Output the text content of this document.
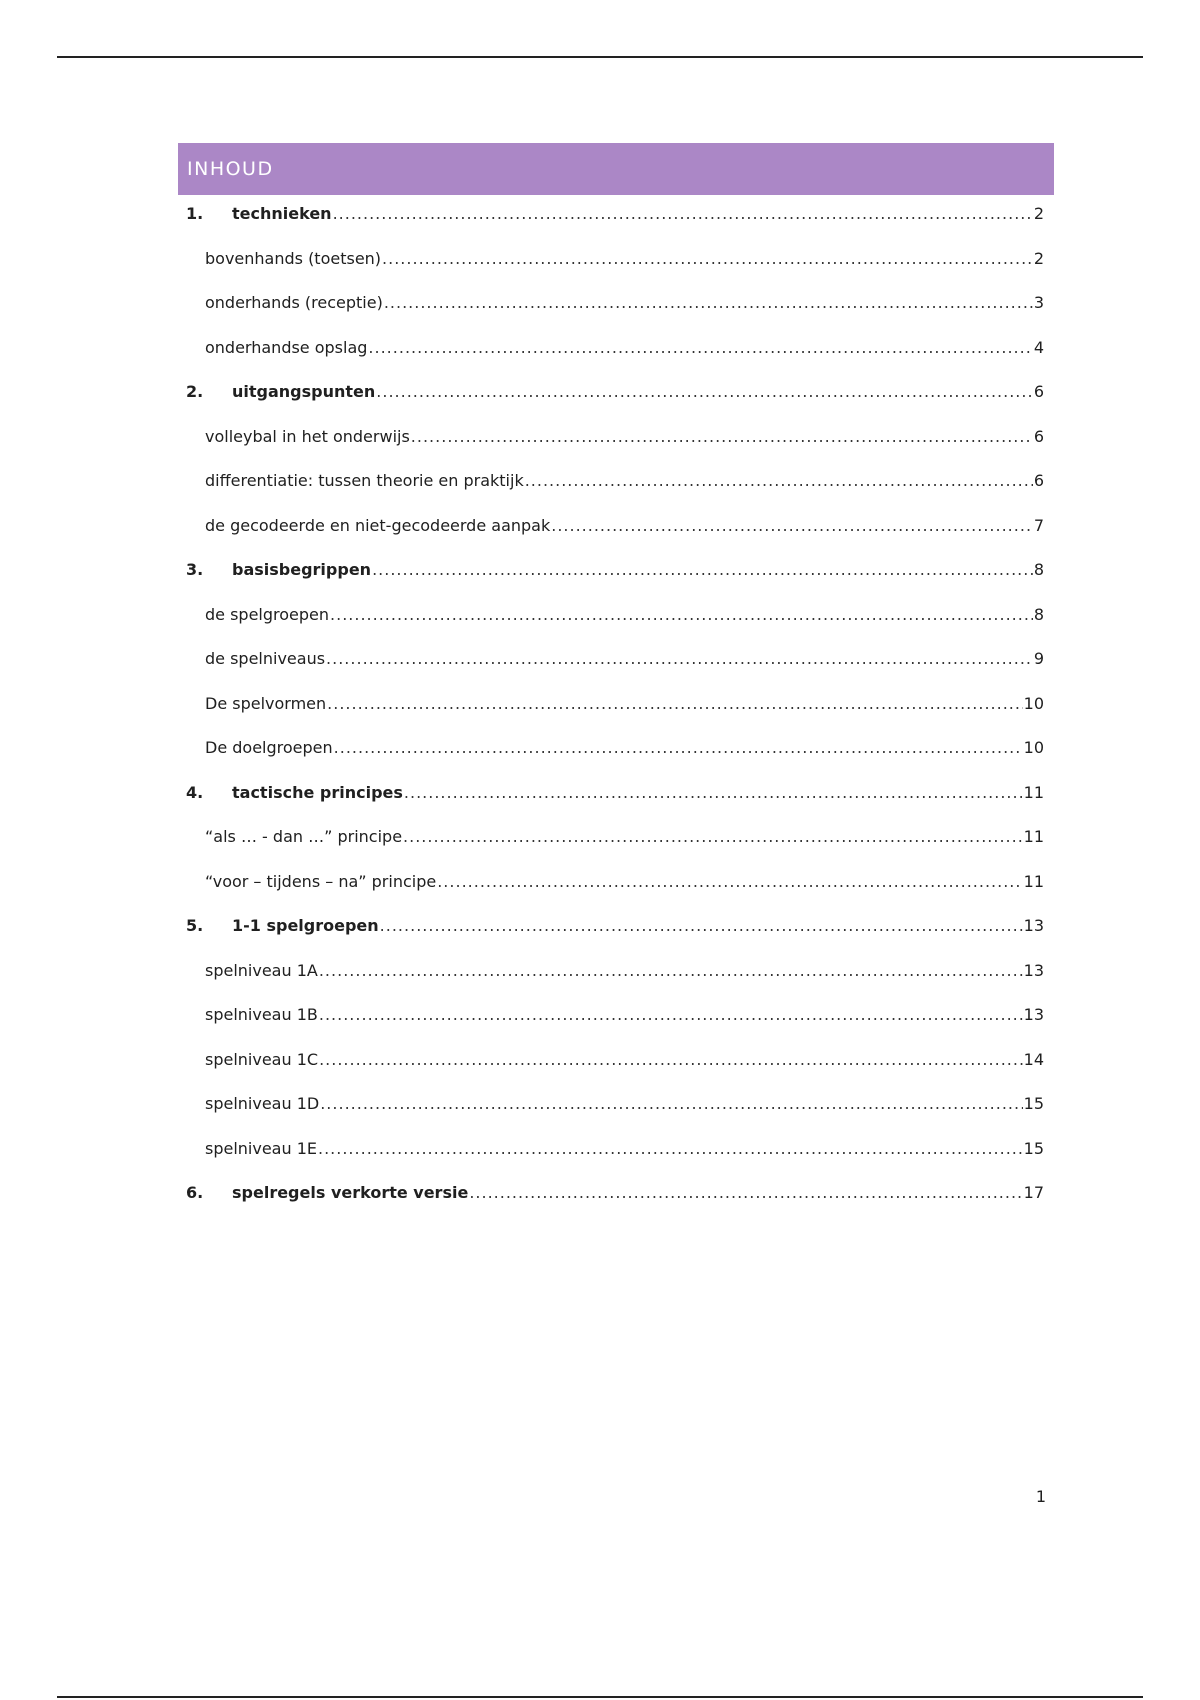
INHOUD
1.	technieken .....	2
bovenhands (toetsen) .....	2
onderhands (receptie) .....	3
onderhandse opslag .....	4
2.	uitgangspunten .....	6
volleybal in het onderwijs .....	6
differentiatie: tussen theorie en praktijk .....	6
de gecodeerde en niet-gecodeerde aanpak .....	7
3.	basisbegrippen .....	8
de spelgroepen .....	8
de spelniveaus .....	9
De spelvormen .....	10
De doelgroepen .....	10
4.	tactische principes .....	11
“als … - dan …” principe .....	11
“voor – tijdens – na” principe .....	11
5.	1-1 spelgroepen .....	13
spelniveau 1A .....	13
spelniveau 1B .....	13
spelniveau 1C .....	14
spelniveau 1D .....	15
spelniveau 1E .....	15
6.	spelregels verkorte versie .....	17
1
